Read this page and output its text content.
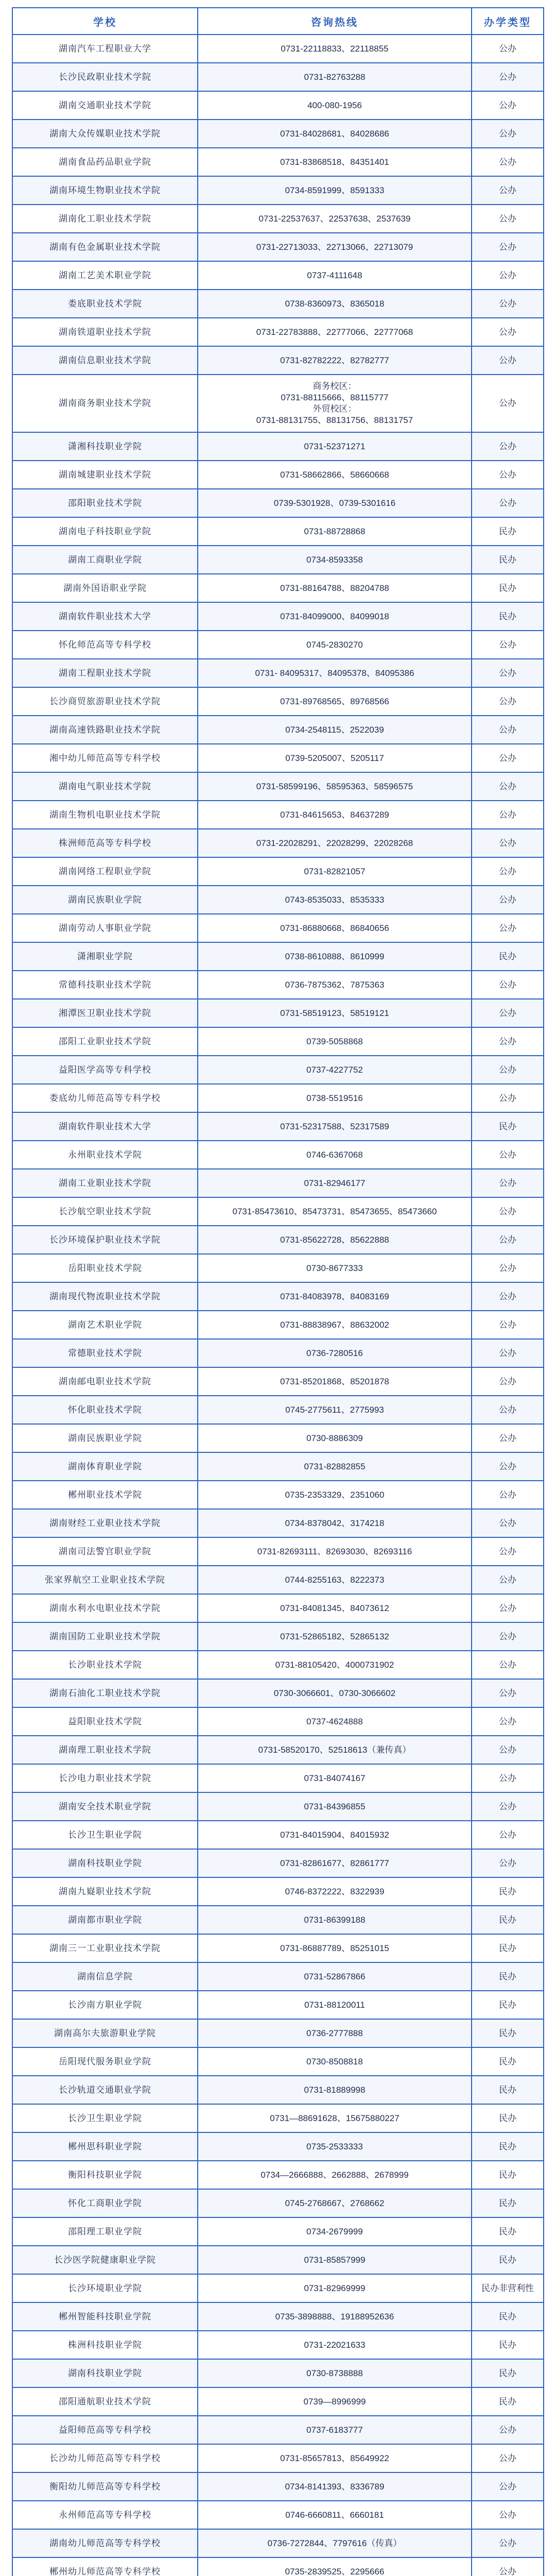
学校	咨询热线	办学类型
湖南汽车工程职业大学	0731-22118833、22118855	公办
长沙民政职业技术学院	0731-82763288	公办
湖南交通职业技术学院	400-080-1956	公办
湖南大众传媒职业技术学院	0731-84028681、84028686	公办
湖南食品药品职业学院	0731-83868518、84351401	公办
湖南环境生物职业技术学院	0734-8591999、8591333	公办
湖南化工职业技术学院	0731-22537637、22537638、2537639	公办
湖南有色金属职业技术学院	0731-22713033、22713066、22713079	公办
湖南工艺美术职业学院	0737-4111648	公办
娄底职业技术学院	0738-8360973、8365018	公办
湖南铁道职业技术学院	0731-22783888、22777066、22777068	公办
湖南信息职业技术学院	0731-82782222、82782777	公办
湖南商务职业技术学院	商务校区：
0731-88115666、88115777
外贸校区：
0731-88131755、88131756、88131757	公办
潇湘科技职业学院	0731-52371271	公办
湖南城建职业技术学院	0731-58662866、58660668	公办
邵阳职业技术学院	0739-5301928、0739-5301616	公办
湖南电子科技职业学院	0731-88728868	民办
湖南工商职业学院	0734-8593358	民办
湖南外国语职业学院	0731-88164788、88204788	民办
湖南软件职业技术大学	0731-84099000、84099018	民办
怀化师范高等专科学校	0745-2830270	公办
湖南工程职业技术学院	0731- 84095317、84095378、84095386	公办
长沙商贸旅游职业技术学院	0731-89768565、89768566	公办
湖南高速铁路职业技术学院	0734-2548115、2522039	公办
湘中幼儿师范高等专科学校	0739-5205007、5205117	公办
湖南电气职业技术学院	0731-58599196、58595363、58596575	公办
湖南生物机电职业技术学院	0731-84615653、84637289	公办
株洲师范高等专科学校	0731-22028291、22028299、22028268	公办
湖南网络工程职业学院	0731-82821057	公办
湖南民族职业学院	0743-8535033、8535333	公办
湖南劳动人事职业学院	0731-86880668、86840656	公办
潇湘职业学院	0738-8610888、8610999	民办
常德科技职业技术学院	0736-7875362、7875363	公办
湘潭医卫职业技术学院	0731-58519123、58519121	公办
邵阳工业职业技术学院	0739-5058868	公办
益阳医学高等专科学校	0737-4227752	公办
娄底幼儿师范高等专科学校	0738-5519516	公办
湖南软件职业技术大学	0731-52317588、52317589	民办
永州职业技术学院	0746-6367068	公办
湖南工业职业技术学院	0731-82946177	公办
长沙航空职业技术学院	0731-85473610、85473731、85473655、85473660	公办
长沙环境保护职业技术学院	0731-85622728、85622888	公办
岳阳职业技术学院	0730-8677333	公办
湖南现代物流职业技术学院	0731-84083978、84083169	公办
湖南艺术职业学院	0731-88838967、88632002	公办
常德职业技术学院	0736-7280516	公办
湖南邮电职业技术学院	0731-85201868、85201878	公办
怀化职业技术学院	0745-2775611、2775993	公办
湖南民族职业学院	0730-8886309	公办
湖南体育职业学院	0731-82882855	公办
郴州职业技术学院	0735-2353329、2351060	公办
湖南财经工业职业技术学院	0734-8378042、3174218	公办
湖南司法警官职业学院	0731-82693111、82693030、82693116	公办
张家界航空工业职业技术学院	0744-8255163、8222373	公办
湖南水利水电职业技术学院	0731-84081345、84073612	公办
湖南国防工业职业技术学院	0731-52865182、52865132	公办
长沙职业技术学院	0731-88105420、4000731902	公办
湖南石油化工职业技术学院	0730-3066601、0730-3066602	公办
益阳职业技术学院	0737-4624888	公办
湖南理工职业技术学院	0731-58520170、52518613（兼传真）	公办
长沙电力职业技术学院	0731-84074167	公办
湖南安全技术职业学院	0731-84396855	公办
长沙卫生职业学院	0731-84015904、84015932	公办
湖南科技职业学院	0731-82861677、82861777	公办
湖南九嶷职业技术学院	0746-8372222、8322939	民办
湖南都市职业学院	0731-86399188	民办
湖南三一工业职业技术学院	0731-86887789、85251015	民办
湖南信息学院	0731-52867866	民办
长沙南方职业学院	0731-88120011	民办
湖南高尔夫旅游职业学院	0736-2777888	民办
岳阳现代服务职业学院	0730-8508818	民办
长沙轨道交通职业学院	0731-81889998	民办
长沙卫生职业学院	0731—88691628、15675880227	民办
郴州思科职业学院	0735-2533333	民办
衡阳科技职业学院	0734—2666888、2662888、2678999	民办
怀化工商职业学院	0745-2768667、2768662	民办
邵阳理工职业学院	0734-2679999	民办
长沙医学院健康职业学院	0731-85857999	民办
长沙环境职业学院	0731-82969999	民办非营利性
郴州智能科技职业学院	0735-3898888、19188952636	民办
株洲科技职业学院	0731-22021633	民办
湖南科技职业学院	0730-8738888	民办
邵阳通航职业技术学院	0739—8996999	民办
益阳师范高等专科学校	0737-6183777	公办
长沙幼儿师范高等专科学校	0731-85657813、85649922	公办
衡阳幼儿师范高等专科学校	0734-8141393、8336789	公办
永州师范高等专科学校	0746-6660811、6660181	公办
湖南幼儿师范高等专科学校	0736-7272844、7797616（传真）	公办
郴州幼儿师范高等专科学校	0735-2839525、2295666	公办
